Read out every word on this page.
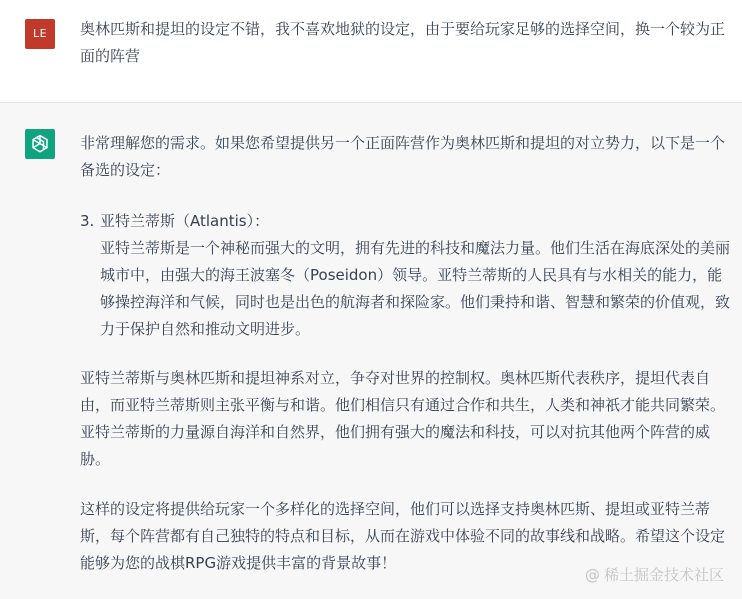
LE	奥林匹斯和提坦的设定不错，我不喜欢地狱的设定，由于要给玩家足够的选择空间，换一个较为正面的阵营
非常理解您的需求。如果您希望提供另一个正面阵营作为奥林匹斯和提坦的对立势力，以下是一个备选的设定：
3. 亚特兰蒂斯（Atlantis）：
亚特兰蒂斯是一个神秘而强大的文明，拥有先进的科技和魔法力量。他们生活在海底深处的美丽城市中，由强大的海王波塞冬（Poseidon）领导。亚特兰蒂斯的人民具有与水相关的能力，能够操控海洋和气候，同时也是出色的航海者和探险家。他们秉持和谐、智慧和繁荣的价值观，致力于保护自然和推动文明进步。
亚特兰蒂斯与奥林匹斯和提坦神系对立，争夺对世界的控制权。奥林匹斯代表秩序，提坦代表自由，而亚特兰蒂斯则主张平衡与和谐。他们相信只有通过合作和共生，人类和神祇才能共同繁荣。亚特兰蒂斯的力量源自海洋和自然界，他们拥有强大的魔法和科技，可以对抗其他两个阵营的威胁。
这样的设定将提供给玩家一个多样化的选择空间，他们可以选择支持奥林匹斯、提坦或亚特兰蒂斯，每个阵营都有自己独特的特点和目标，从而在游戏中体验不同的故事线和战略。希望这个设定能够为您的战棋RPG游戏提供丰富的背景故事！
@ 稀土掘金技术社区
